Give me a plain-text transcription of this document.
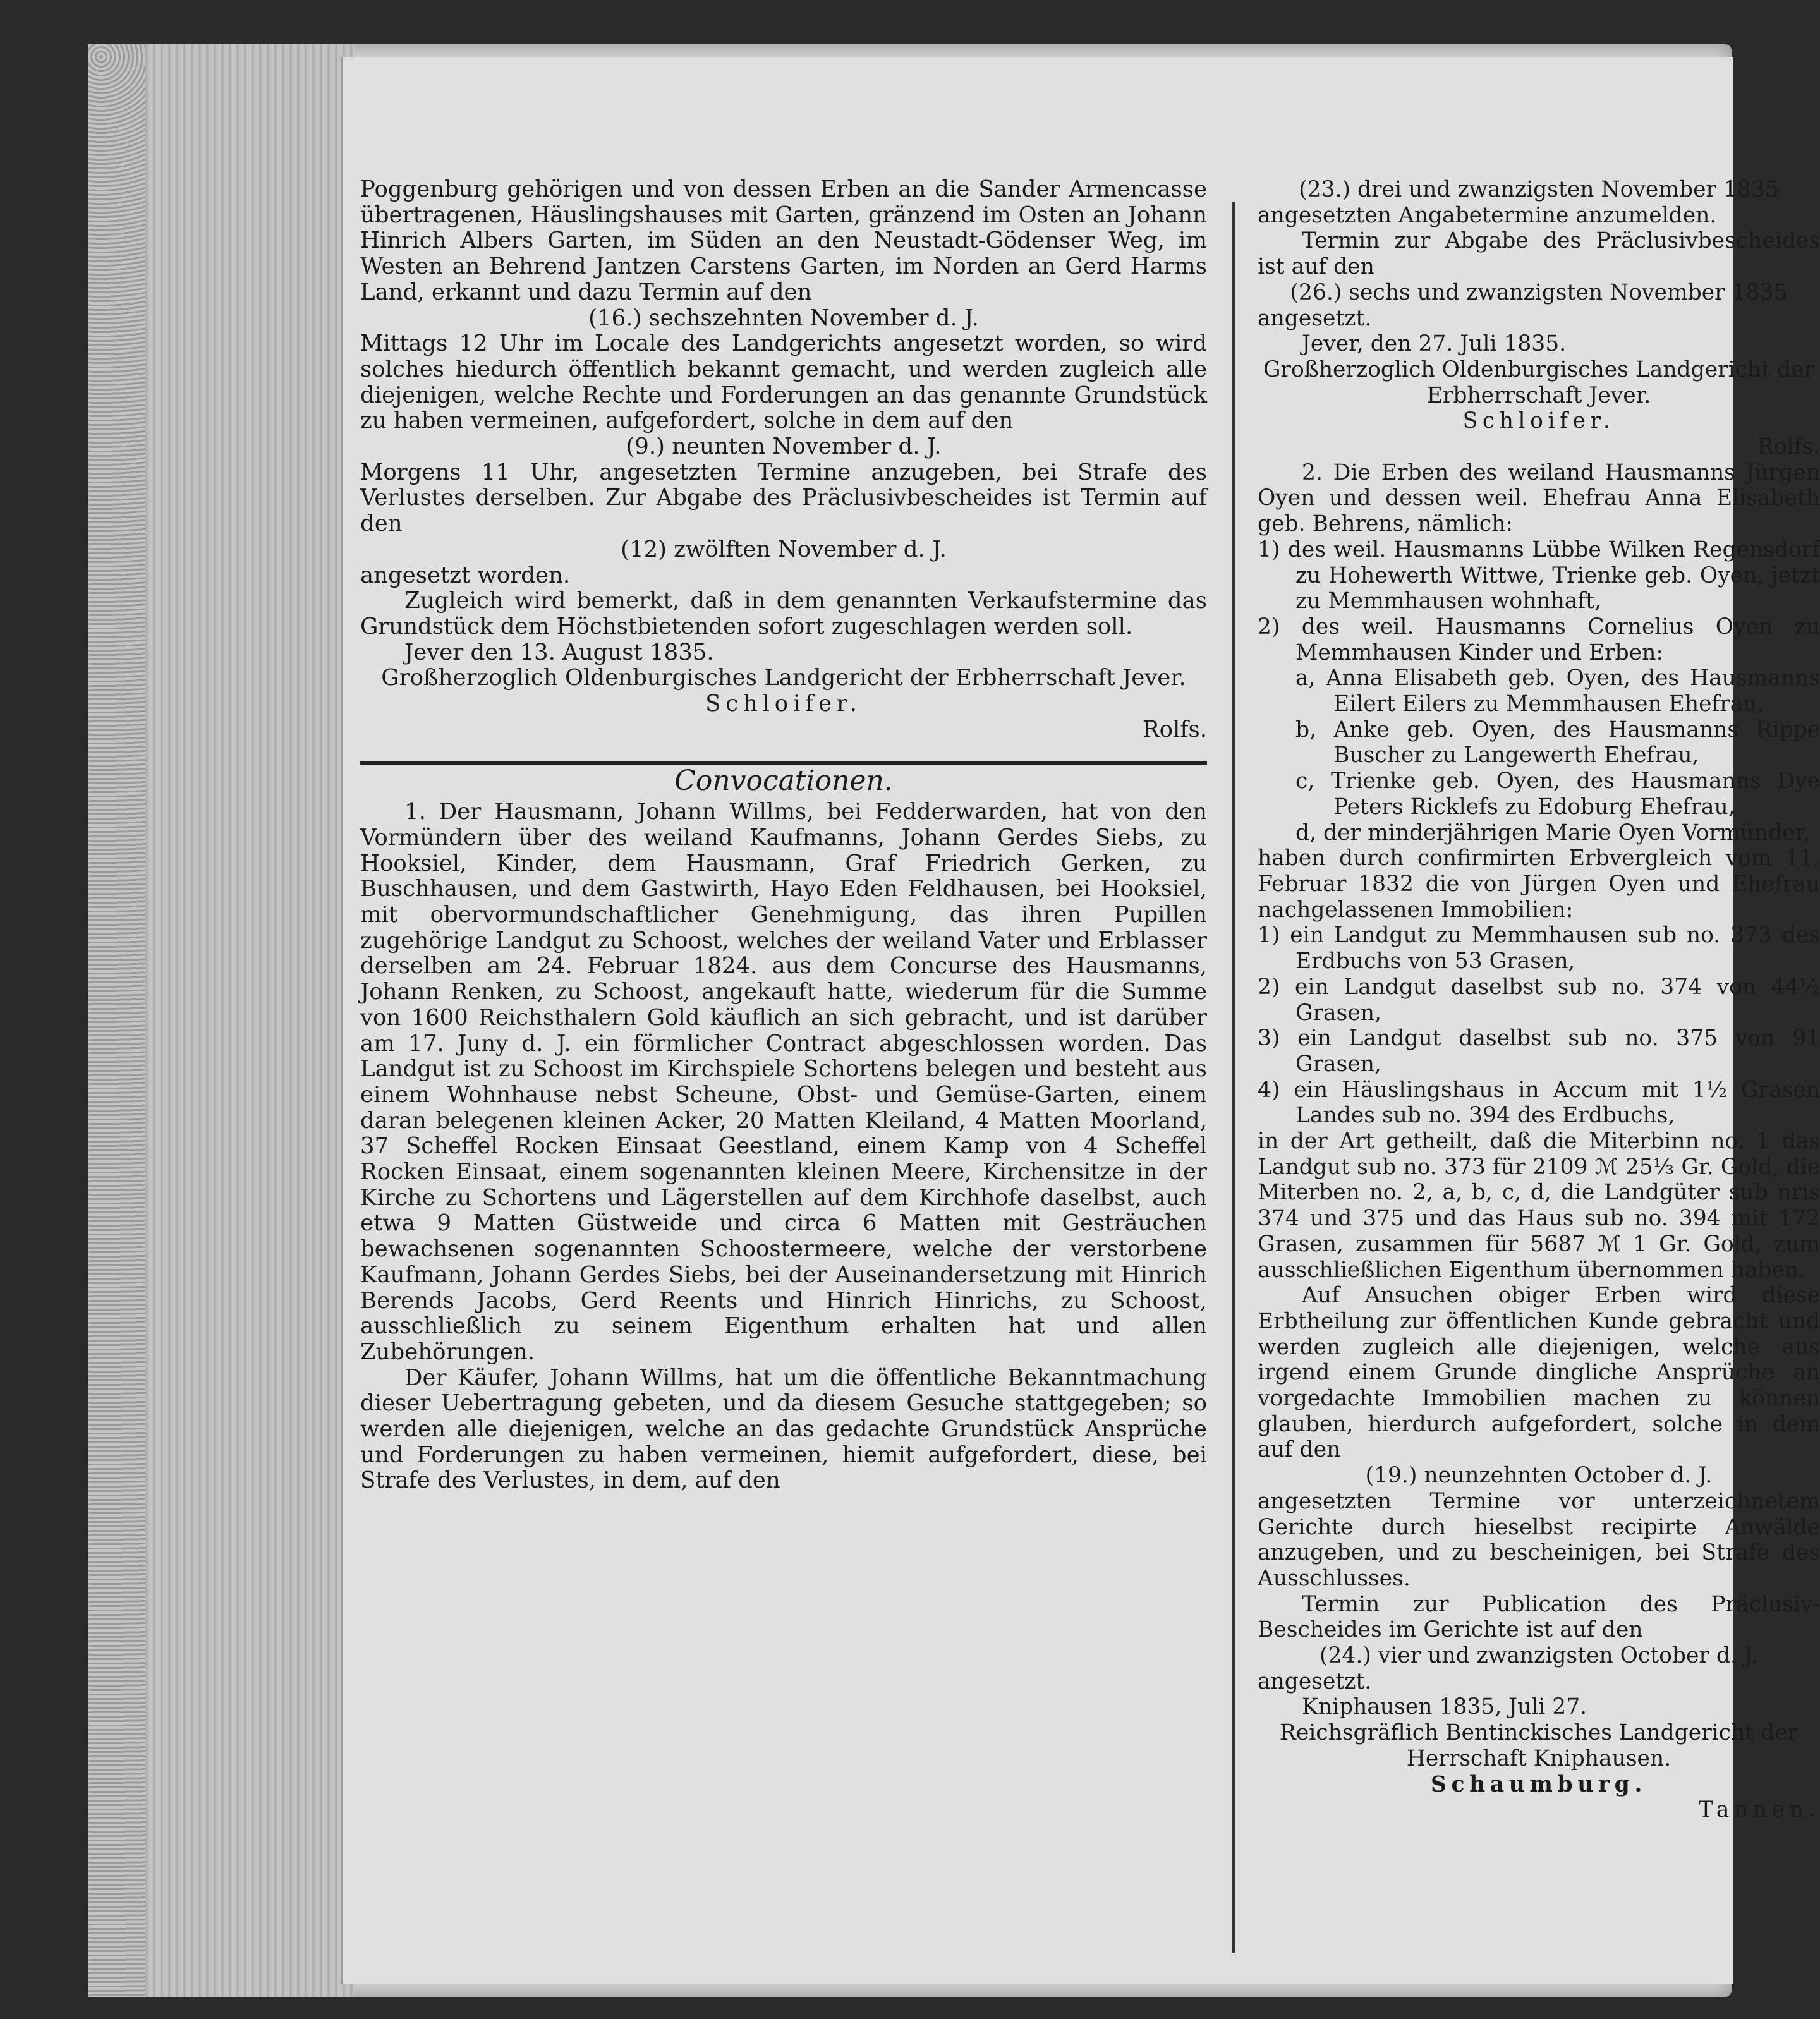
Poggenburg gehörigen und von dessen Erben an die Sander Armencasse übertragenen, Häuslingshauses mit Garten, gränzend im Osten an Johann Hinrich Albers Garten, im Süden an den Neustadt-Gödenser Weg, im Westen an Behrend Jantzen Carstens Garten, im Norden an Gerd Harms Land, erkannt und dazu Termin auf den

(16.) sechszehnten November d. J.

Mittags 12 Uhr im Locale des Landgerichts angesetzt worden, so wird solches hiedurch öffentlich bekannt gemacht, und werden zugleich alle diejenigen, welche Rechte und Forderungen an das genannte Grundstück zu haben vermeinen, aufgefordert, solche in dem auf den

(9.) neunten November d. J.

Morgens 11 Uhr, angesetzten Termine anzugeben, bei Strafe des Verlustes derselben. Zur Abgabe des Präclusivbescheides ist Termin auf den

(12) zwölften November d. J.

angesetzt worden.

Zugleich wird bemerkt, daß in dem genannten Verkaufstermine das Grundstück dem Höchstbietenden sofort zugeschlagen werden soll.

Jever den 13. August 1835.

Großherzoglich Oldenburgisches Landgericht der Erbherrschaft Jever.

Schloifer.

Rolfs.

Convocationen.

1. Der Hausmann, Johann Willms, bei Fedderwarden, hat von den Vormündern über des weiland Kaufmanns, Johann Gerdes Siebs, zu Hooksiel, Kinder, dem Hausmann, Graf Friedrich Gerken, zu Buschhausen, und dem Gastwirth, Hayo Eden Feldhausen, bei Hooksiel, mit obervormundschaftlicher Genehmigung, das ihren Pupillen zugehörige Landgut zu Schoost, welches der weiland Vater und Erblasser derselben am 24. Februar 1824. aus dem Concurse des Hausmanns, Johann Renken, zu Schoost, angekauft hatte, wiederum für die Summe von 1600 Reichsthalern Gold käuflich an sich gebracht, und ist darüber am 17. Juny d. J. ein förmlicher Contract abgeschlossen worden. Das Landgut ist zu Schoost im Kirchspiele Schortens belegen und besteht aus einem Wohnhause nebst Scheune, Obst- und Gemüse-Garten, einem daran belegenen kleinen Acker, 20 Matten Kleiland, 4 Matten Moorland, 37 Scheffel Rocken Einsaat Geestland, einem Kamp von 4 Scheffel Rocken Einsaat, einem sogenannten kleinen Meere, Kirchensitze in der Kirche zu Schortens und Lägerstellen auf dem Kirchhofe daselbst, auch etwa 9 Matten Güstweide und circa 6 Matten mit Gesträuchen bewachsenen sogenannten Schoostermeere, welche der verstorbene Kaufmann, Johann Gerdes Siebs, bei der Auseinandersetzung mit Hinrich Berends Jacobs, Gerd Reents und Hinrich Hinrichs, zu Schoost, ausschließlich zu seinem Eigenthum erhalten hat und allen Zubehörungen.

Der Käufer, Johann Willms, hat um die öffentliche Bekanntmachung dieser Uebertragung gebeten, und da diesem Gesuche stattgegeben; so werden alle diejenigen, welche an das gedachte Grundstück Ansprüche und Forderungen zu haben vermeinen, hiemit aufgefordert, diese, bei Strafe des Verlustes, in dem, auf den

(23.) drei und zwanzigsten November 1835

angesetzten Angabetermine anzumelden.

Termin zur Abgabe des Präclusivbescheides ist auf den

(26.) sechs und zwanzigsten November 1835

angesetzt.

Jever, den 27. Juli 1835.

Großherzoglich Oldenburgisches Landgericht der Erbherrschaft Jever.

Schloifer.

Rolfs.

2. Die Erben des weiland Hausmanns Jürgen Oyen und dessen weil. Ehefrau Anna Elisabeth geb. Behrens, nämlich:

1) des weil. Hausmanns Lübbe Wilken Regensdorf zu Hohewerth Wittwe, Trienke geb. Oyen, jetzt zu Memmhausen wohnhaft,

2) des weil. Hausmanns Cornelius Oyen zu Memmhausen Kinder und Erben:

a, Anna Elisabeth geb. Oyen, des Hausmanns Eilert Eilers zu Memmhausen Ehefrau,

b, Anke geb. Oyen, des Hausmanns Rippe Buscher zu Langewerth Ehefrau,

c, Trienke geb. Oyen, des Hausmanns Dye Peters Ricklefs zu Edoburg Ehefrau,

d, der minderjährigen Marie Oyen Vormünder,

haben durch confirmirten Erbvergleich vom 11. Februar 1832 die von Jürgen Oyen und Ehefrau nachgelassenen Immobilien:

1) ein Landgut zu Memmhausen sub no. 373 des Erdbuchs von 53 Grasen,

2) ein Landgut daselbst sub no. 374 von 44½ Grasen,

3) ein Landgut daselbst sub no. 375 von 91 Grasen,

4) ein Häuslingshaus in Accum mit 1½ Grasen Landes sub no. 394 des Erdbuchs,

in der Art getheilt, daß die Miterbinn no. 1 das Landgut sub no. 373 für 2109 ℳ 25⅓ Gr. Gold, die Miterben no. 2, a, b, c, d, die Landgüter sub nris 374 und 375 und das Haus sub no. 394 mit 172 Grasen, zusammen für 5687 ℳ 1 Gr. Gold, zum ausschließlichen Eigenthum übernommen haben.

Auf Ansuchen obiger Erben wird diese Erbtheilung zur öffentlichen Kunde gebracht und werden zugleich alle diejenigen, welche aus irgend einem Grunde dingliche Ansprüche an vorgedachte Immobilien machen zu können glauben, hierdurch aufgefordert, solche in dem auf den

(19.) neunzehnten October d. J.

angesetzten Termine vor unterzeichnetem Gerichte durch hieselbst recipirte Anwälde anzugeben, und zu bescheinigen, bei Strafe des Ausschlusses.

Termin zur Publication des Präclusiv-Bescheides im Gerichte ist auf den

(24.) vier und zwanzigsten October d. J.

angesetzt.

Kniphausen 1835, Juli 27.

Reichsgräflich Bentinckisches Landgericht der Herrschaft Kniphausen.

Schaumburg.

Tannen.
